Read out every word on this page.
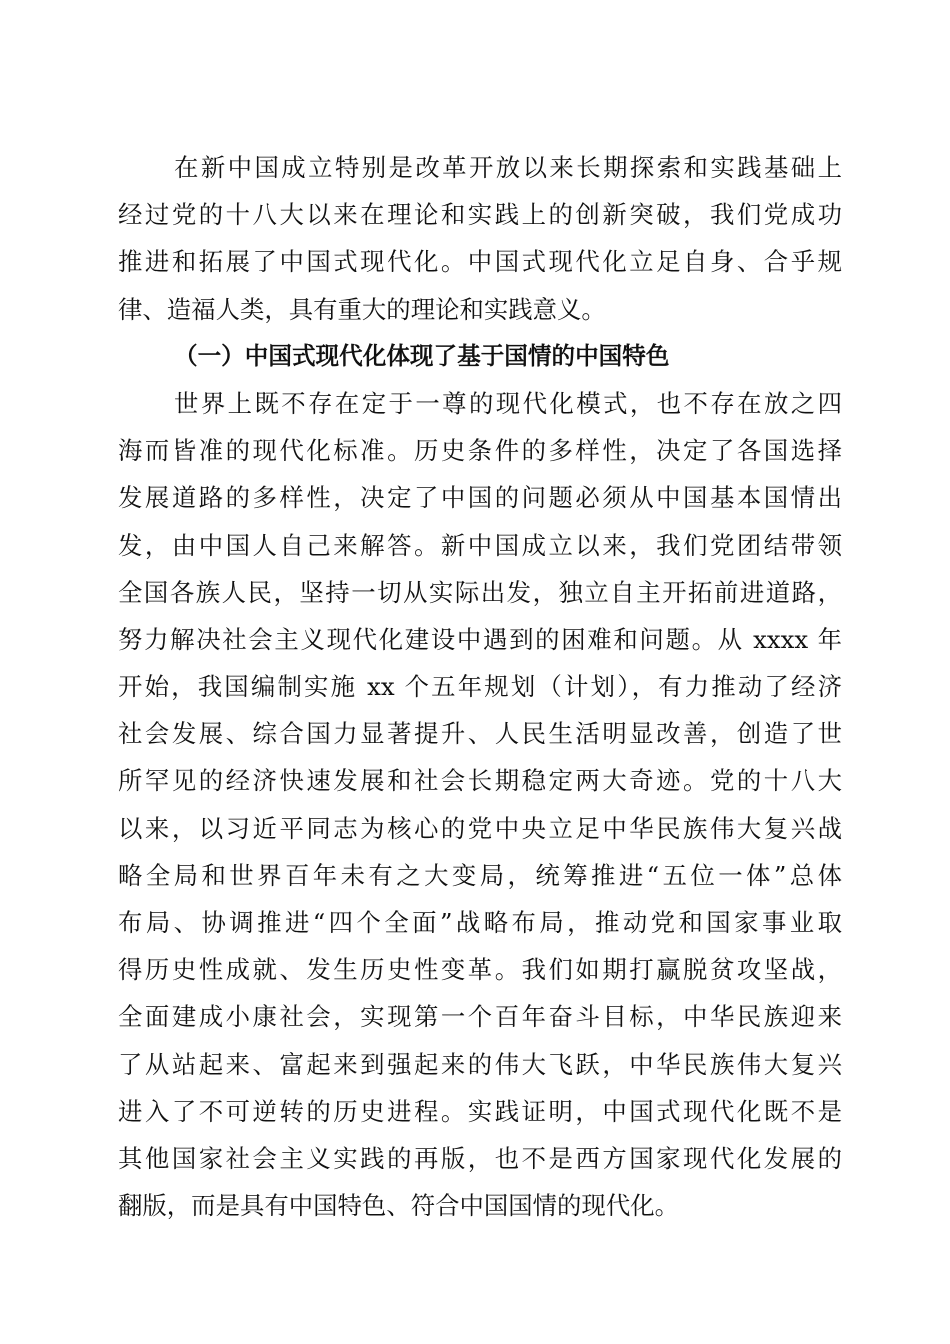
在新中国成立特别是改革开放以来长期探索和实践基础上
经过党的十八大以来在理论和实践上的创新突破，我们党成功
推进和拓展了中国式现代化。中国式现代化立足自身、合乎规
律、造福人类，具有重大的理论和实践意义。
（一）中国式现代化体现了基于国情的中国特色
世界上既不存在定于一尊的现代化模式，也不存在放之四
海而皆准的现代化标准。历史条件的多样性，决定了各国选择
发展道路的多样性，决定了中国的问题必须从中国基本国情出
发，由中国人自己来解答。新中国成立以来，我们党团结带领
全国各族人民，坚持一切从实际出发，独立自主开拓前进道路，
努力解决社会主义现代化建设中遇到的困难和问题。从 xxxx 年
开始，我国编制实施 xx 个五年规划（计划），有力推动了经济
社会发展、综合国力显著提升、人民生活明显改善，创造了世
所罕见的经济快速发展和社会长期稳定两大奇迹。党的十八大
以来，以习近平同志为核心的党中央立足中华民族伟大复兴战
略全局和世界百年未有之大变局，统筹推进“五位一体”总体
布局、协调推进“四个全面”战略布局，推动党和国家事业取
得历史性成就、发生历史性变革。我们如期打赢脱贫攻坚战，
全面建成小康社会，实现第一个百年奋斗目标，中华民族迎来
了从站起来、富起来到强起来的伟大飞跃，中华民族伟大复兴
进入了不可逆转的历史进程。实践证明，中国式现代化既不是
其他国家社会主义实践的再版，也不是西方国家现代化发展的
翻版，而是具有中国特色、符合中国国情的现代化。
